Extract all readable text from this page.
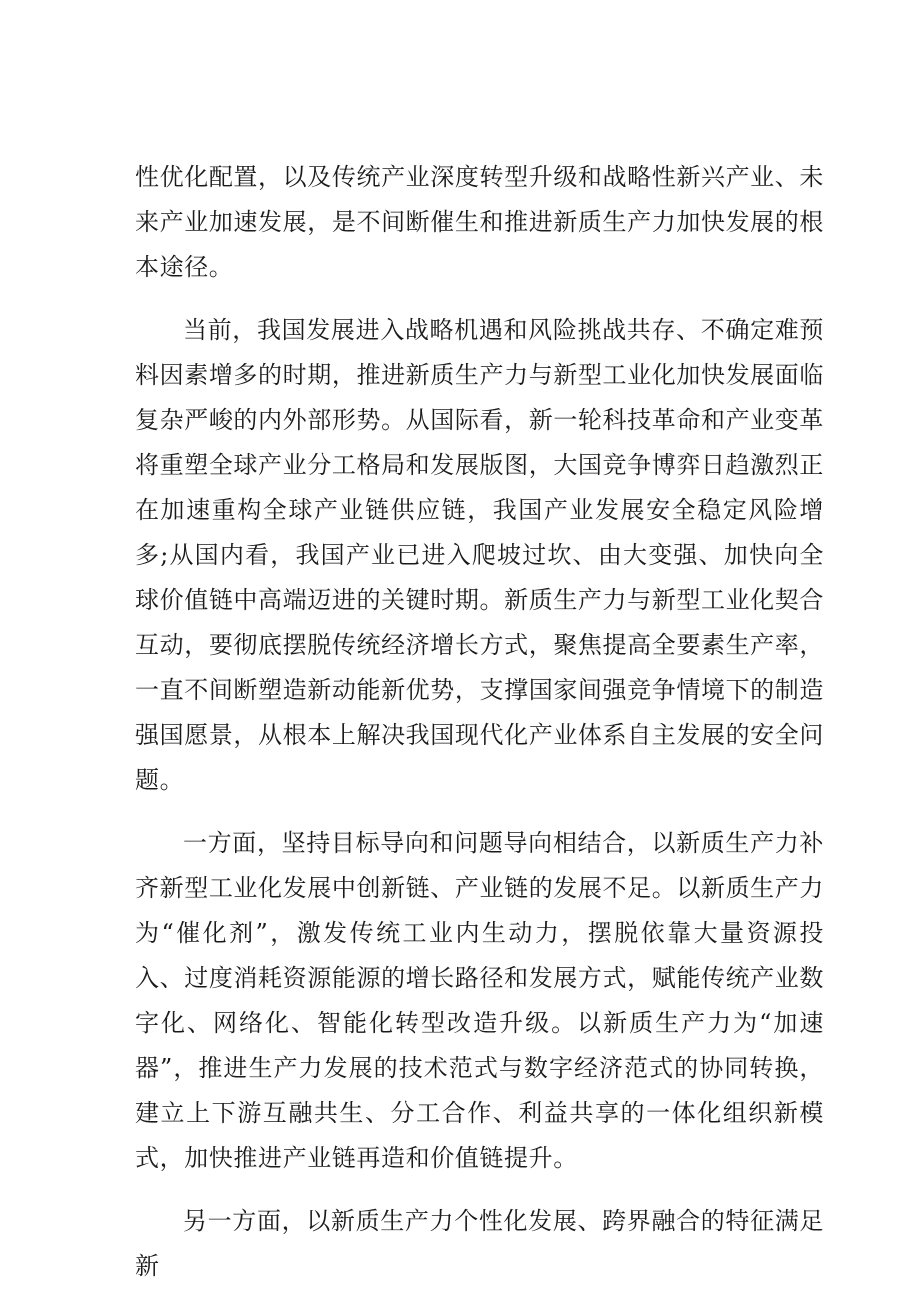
性优化配置，以及传统产业深度转型升级和战略性新兴产业、未来产业加速发展，是不间断催生和推进新质生产力加快发展的根本途径。

当前，我国发展进入战略机遇和风险挑战共存、不确定难预料因素增多的时期，推进新质生产力与新型工业化加快发展面临复杂严峻的内外部形势。从国际看，新一轮科技革命和产业变革将重塑全球产业分工格局和发展版图，大国竞争博弈日趋激烈正在加速重构全球产业链供应链，我国产业发展安全稳定风险增多;从国内看，我国产业已进入爬坡过坎、由大变强、加快向全球价值链中高端迈进的关键时期。新质生产力与新型工业化契合互动，要彻底摆脱传统经济增长方式，聚焦提高全要素生产率，一直不间断塑造新动能新优势，支撑国家间强竞争情境下的制造强国愿景，从根本上解决我国现代化产业体系自主发展的安全问题。

一方面，坚持目标导向和问题导向相结合，以新质生产力补齐新型工业化发展中创新链、产业链的发展不足。以新质生产力为“催化剂”，激发传统工业内生动力，摆脱依靠大量资源投入、过度消耗资源能源的增长路径和发展方式，赋能传统产业数字化、网络化、智能化转型改造升级。以新质生产力为“加速器”，推进生产力发展的技术范式与数字经济范式的协同转换，建立上下游互融共生、分工合作、利益共享的一体化组织新模式，加快推进产业链再造和价值链提升。

另一方面，以新质生产力个性化发展、跨界融合的特征满足新
